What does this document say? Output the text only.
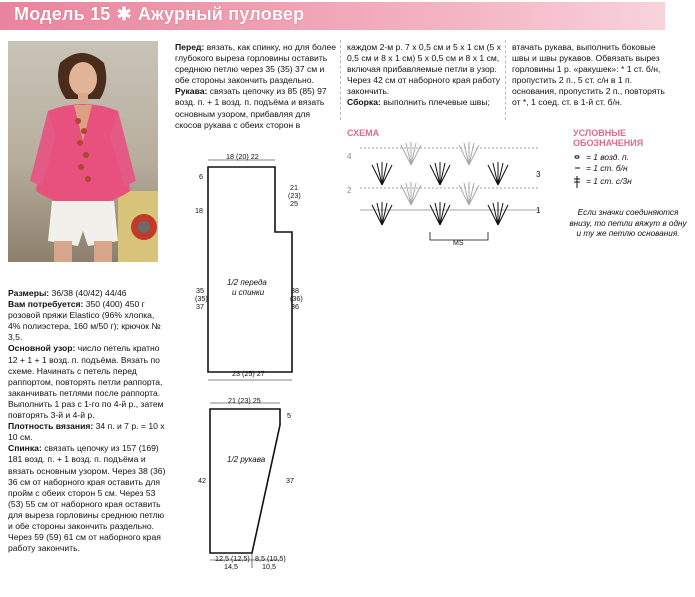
Модель 15 ✱ Ажурный пуловер

Размеры: 36/38 (40/42) 44/46

Вам потребуется: 350 (400) 450 г розовой пряжи Elastico (96% хлопка, 4% полиэстера, 160 м/50 г); крючок № 3,5.

Основной узор: число петель кратно 12 + 1 + 1 возд. п. подъёма. Вязать по схеме. Начинать с петель перед раппортом, повторять петли раппорта, заканчивать петлями после раппорта. Выполнить 1 раз с 1-го по 4-й р., затем повторять 3-й и 4-й р.

Плотность вязания: 34 п. и 7 р. = 10 х 10 см.

Спинка: связать цепочку из 157 (169) 181 возд. п. + 1 возд. п. подъёма и вязать основным узором. Через 38 (36) 36 см от наборного края оставить для пройм с обеих сторон 5 см. Через 53 (53) 55 см от наборного края оставить для выреза горловины среднюю петлю и обе стороны закончить раздельно. Через 59 (59) 61 см от наборного края работу закончить.

Перед: вязать, как спинку, но для более глубокого выреза горловины оставить среднюю петлю через 35 (35) 37 см и обе стороны закончить раздельно.

Рукава: связать цепочку из 85 (85) 97 возд. п. + 1 возд. п. подъёма и вязать основным узором, прибавляя для скосов рукава с обеих сторон в

каждом 2-м р. 7 х 0,5 см и 5 х 1 см (5 х 0,5 см и 8 х 1 см) 5 х 0,5 см и 8 х 1 см, включая прибавляемые петли в узор. Через 42 см от наборного края работу закончить.

Сборка: выполнить плечевые швы;

втачать рукава, выполнить боковые швы и швы рукавов. Обвязать вырез горловины 1 р. «ракушек»: * 1 ст. б/н, пропустить 2 п., 5 ст. с/н в 1 п. основания, пропустить 2 п., повторять от *, 1 соед. ст. в 1-й ст. б/н.

СХЕМА
4
3
2
1
MS
УСЛОВНЫЕ
ОБОЗНАЧЕНИЯ
= 1 возд. п.
= 1 ст. б/н
= 1 ст. с/3н
Если значки соединяются внизу, то петли вяжут в одну и ту же петлю основания.
18 (20) 22
6
18
21
(23)
25
35
(35)
37
38
(36)
36
1/2 переда
и спинки
23 (25) 27
21 (23) 25
5
42	37
1/2 рукава
12,5 (12,5)
14,5
8,5 (10,5)
10,5
